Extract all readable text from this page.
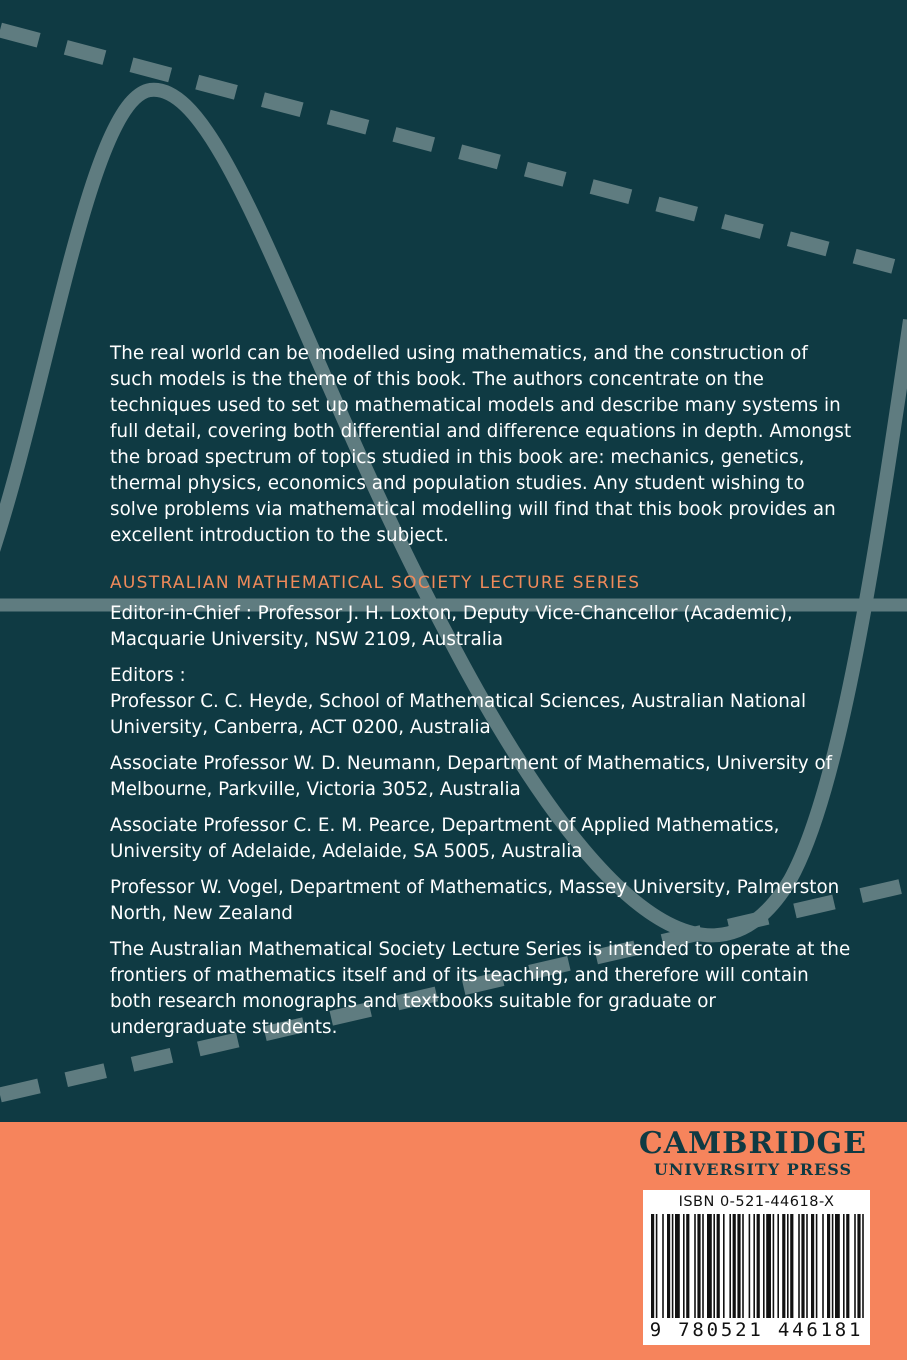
The real world can be modelled using mathematics, and the construction of such models is the theme of this book. The authors concentrate on the techniques used to set up mathematical models and describe many systems in full detail, covering both differential and difference equations in depth. Amongst the broad spectrum of topics studied in this book are: mechanics, genetics, thermal physics, economics and population studies. Any student wishing to solve problems via mathematical modelling will find that this book provides an excellent introduction to the subject.

AUSTRALIAN MATHEMATICAL SOCIETY LECTURE SERIES

Editor-in-Chief : Professor J. H. Loxton, Deputy Vice-Chancellor (Academic), Macquarie University, NSW 2109, Australia

Editors :

Professor C. C. Heyde, School of Mathematical Sciences, Australian National University, Canberra, ACT 0200, Australia

Associate Professor W. D. Neumann, Department of Mathematics, University of Melbourne, Parkville, Victoria 3052, Australia

Associate Professor C. E. M. Pearce, Department of Applied Mathematics, University of Adelaide, Adelaide, SA 5005, Australia

Professor W. Vogel, Department of Mathematics, Massey University, Palmerston North, New Zealand

The Australian Mathematical Society Lecture Series is intended to operate at the frontiers of mathematics itself and of its teaching, and therefore will contain both research monographs and textbooks suitable for graduate or undergraduate students.

CAMBRIDGE
UNIVERSITY PRESS
ISBN 0-521-44618-X
9 780521 446181
